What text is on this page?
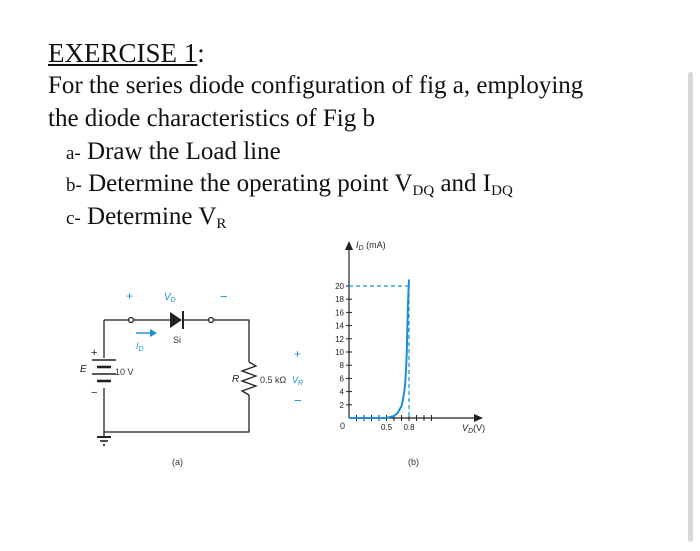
EXERCISE 1:
For the series diode configuration of fig a, employing
the diode characteristics of Fig b
a- Draw the Load line
b- Determine the operating point $V_{DQ}$ and $I_{DQ}$
c- Determine $V_R$
+	$V_D$	−
Si
$I_D$
+
E	10 V
−
R 0.5 kΩ
+
$V_R$
−
(a)
2
4
6
8
10
12
14
16
18
20
0.5 0.8
$I_D$ (mA)
$V_D(V)$
0
(b)
